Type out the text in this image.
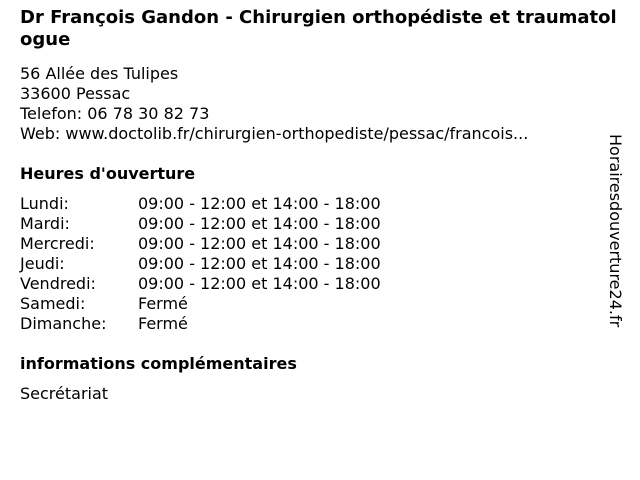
Dr François Gandon - Chirurgien orthopédiste et traumatologue
56 Allée des Tulipes
33600 Pessac
Telefon: 06 78 30 82 73
Web: www.doctolib.fr/chirurgien-orthopediste/pessac/francois...
Heures d'ouverture
Lundi:	09:00 - 12:00 et 14:00 - 18:00
Mardi:	09:00 - 12:00 et 14:00 - 18:00
Mercredi:	09:00 - 12:00 et 14:00 - 18:00
Jeudi:	09:00 - 12:00 et 14:00 - 18:00
Vendredi:	09:00 - 12:00 et 14:00 - 18:00
Samedi:	Fermé
Dimanche: Fermé
informations complémentaires
Secrétariat
Horairesdouverture24.fr
